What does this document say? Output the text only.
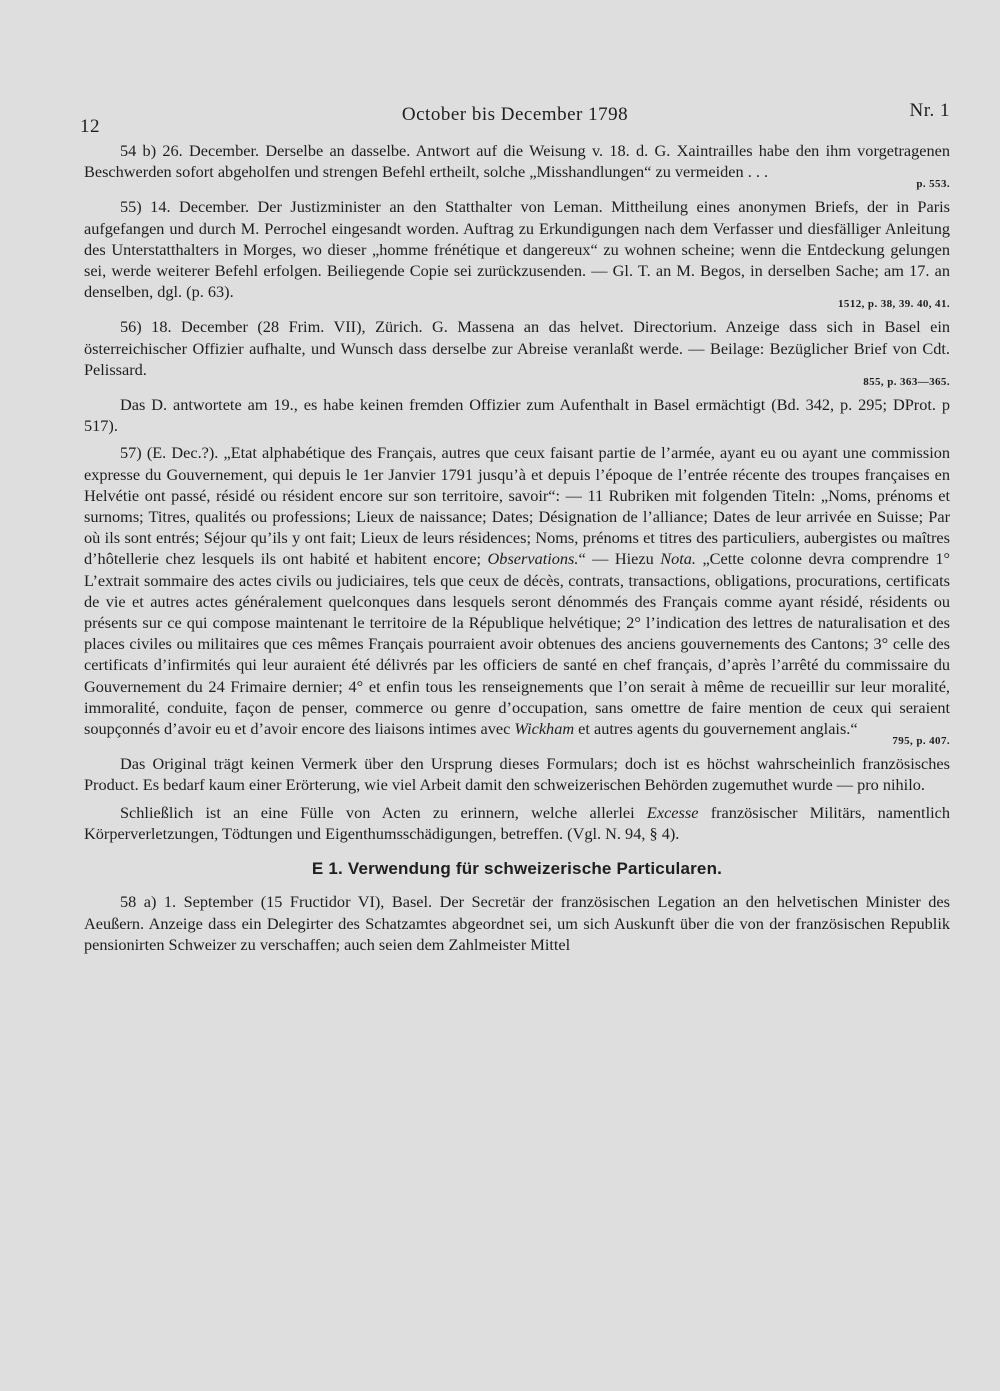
12
October bis December 1798	Nr. 1

54 b) 26. December. Derselbe an dasselbe. Antwort auf die Weisung v. 18. d. G. Xaintrailles habe den ihm vorgetragenen Beschwerden sofort abgeholfen und strengen Befehl ertheilt, solche „Misshandlungen“ zu vermeiden . . .
p. 553.

55) 14. December. Der Justizminister an den Statthalter von Leman. Mittheilung eines anonymen Briefs, der in Paris aufgefangen und durch M. Perrochel eingesandt worden. Auftrag zu Erkundigungen nach dem Verfasser und diesfälliger Anleitung des Unterstatthalters in Morges, wo dieser „homme frénétique et dangereux“ zu wohnen scheine; wenn die Entdeckung gelungen sei, werde weiterer Befehl erfolgen. Beiliegende Copie sei zurückzusenden. — Gl. T. an M. Begos, in derselben Sache; am 17. an denselben, dgl. (p. 63).
1512, p. 38, 39. 40, 41.

56) 18. December (28 Frim. VII), Zürich. G. Massena an das helvet. Directorium. Anzeige dass sich in Basel ein österreichischer Offizier aufhalte, und Wunsch dass derselbe zur Abreise veranlaßt werde. — Beilage: Bezüglicher Brief von Cdt. Pelissard.
855, p. 363—365.

Das D. antwortete am 19., es habe keinen fremden Offizier zum Aufenthalt in Basel ermächtigt (Bd. 342, p. 295; DProt. p 517).

57) (E. Dec.?). „Etat alphabétique des Français, autres que ceux faisant partie de l’armée, ayant eu ou ayant une commission expresse du Gouvernement, qui depuis le 1er Janvier 1791 jusqu’à et depuis l’époque de l’entrée récente des troupes françaises en Helvétie ont passé, résidé ou résident encore sur son territoire, savoir“: — 11 Rubriken mit folgenden Titeln: „Noms, prénoms et surnoms; Titres, qualités ou professions; Lieux de naissance; Dates; Désignation de l’alliance; Dates de leur arrivée en Suisse; Par où ils sont entrés; Séjour qu’ils y ont fait; Lieux de leurs résidences; Noms, prénoms et titres des particuliers, aubergistes ou maîtres d’hôtellerie chez lesquels ils ont habité et habitent encore; Observations.“ — Hiezu Nota. „Cette colonne devra comprendre 1° L’extrait sommaire des actes civils ou judiciaires, tels que ceux de décès, contrats, transactions, obligations, procurations, certificats de vie et autres actes généralement quelconques dans lesquels seront dénommés des Français comme ayant résidé, résidents ou présents sur ce qui compose maintenant le territoire de la République helvétique; 2° l’indication des lettres de naturalisation et des places civiles ou militaires que ces mêmes Français pourraient avoir obtenues des anciens gouvernements des Cantons; 3° celle des certificats d’infirmités qui leur auraient été délivrés par les officiers de santé en chef français, d’après l’arrêté du commissaire du Gouvernement du 24 Frimaire dernier; 4° et enfin tous les renseignements que l’on serait à même de recueillir sur leur moralité, immoralité, conduite, façon de penser, commerce ou genre d’occupation, sans omettre de faire mention de ceux qui seraient soupçonnés d’avoir eu et d’avoir encore des liaisons intimes avec Wickham et autres agents du gouvernement anglais.“
795, p. 407.

Das Original trägt keinen Vermerk über den Ursprung dieses Formulars; doch ist es höchst wahrscheinlich französisches Product. Es bedarf kaum einer Erörterung, wie viel Arbeit damit den schweizerischen Behörden zugemuthet wurde — pro nihilo.

Schließlich ist an eine Fülle von Acten zu erinnern, welche allerlei Excesse französischer Militärs, namentlich Körperverletzungen, Tödtungen und Eigenthumsschädigungen, betreffen. (Vgl. N. 94, § 4).

E 1. Verwendung für schweizerische Particularen.

58 a) 1. September (15 Fructidor VI), Basel. Der Secretär der französischen Legation an den helvetischen Minister des Aeußern. Anzeige dass ein Delegirter des Schatzamtes abgeordnet sei, um sich Auskunft über die von der französischen Republik pensionirten Schweizer zu verschaffen; auch seien dem Zahlmeister Mittel
